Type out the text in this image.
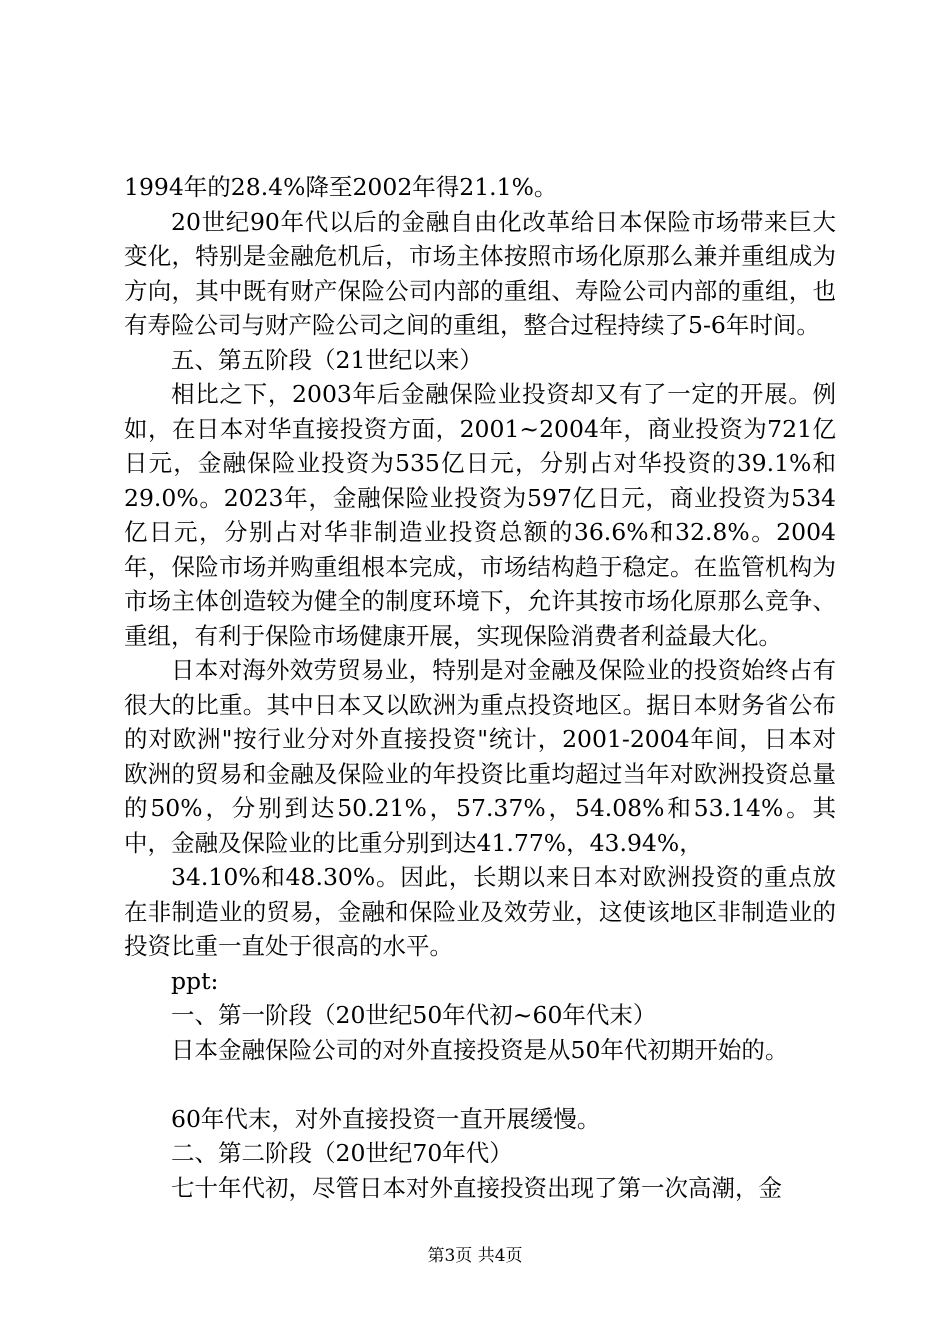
1994年的28.4%降至2002年得21.1%。

20世纪90年代以后的金融自由化改革给日本保险市场带来巨大变化，特别是金融危机后，市场主体按照市场化原那么兼并重组成为方向，其中既有财产保险公司内部的重组、寿险公司内部的重组，也有寿险公司与财产险公司之间的重组，整合过程持续了5-6年时间。

五、第五阶段（21世纪以来）

相比之下，2003年后金融保险业投资却又有了一定的开展。例如，在日本对华直接投资方面，2001~2004年，商业投资为721亿日元，金融保险业投资为535亿日元，分别占对华投资的39.1%和29.0%。2023年，金融保险业投资为597亿日元，商业投资为534亿日元，分别占对华非制造业投资总额的36.6%和32.8%。2004年，保险市场并购重组根本完成，市场结构趋于稳定。在监管机构为市场主体创造较为健全的制度环境下，允许其按市场化原那么竞争、重组，有利于保险市场健康开展，实现保险消费者利益最大化。

日本对海外效劳贸易业，特别是对金融及保险业的投资始终占有很大的比重。其中日本又以欧洲为重点投资地区。据日本财务省公布的对欧洲"按行业分对外直接投资"统计，2001-2004年间，日本对欧洲的贸易和金融及保险业的年投资比重均超过当年对欧洲投资总量的50%，分别到达50.21%，57.37%，54.08%和53.14%。其中，金融及保险业的比重分别到达41.77%，43.94%，

34.10%和48.30%。因此，长期以来日本对欧洲投资的重点放在非制造业的贸易，金融和保险业及效劳业，这使该地区非制造业的投资比重一直处于很高的水平。

ppt:

一、第一阶段（20世纪50年代初~60年代末）

日本金融保险公司的对外直接投资是从50年代初期开始的。

60年代末，对外直接投资一直开展缓慢。

二、第二阶段（20世纪70年代）

七十年代初，尽管日本对外直接投资出现了第一次高潮，金

第3页 共4页
